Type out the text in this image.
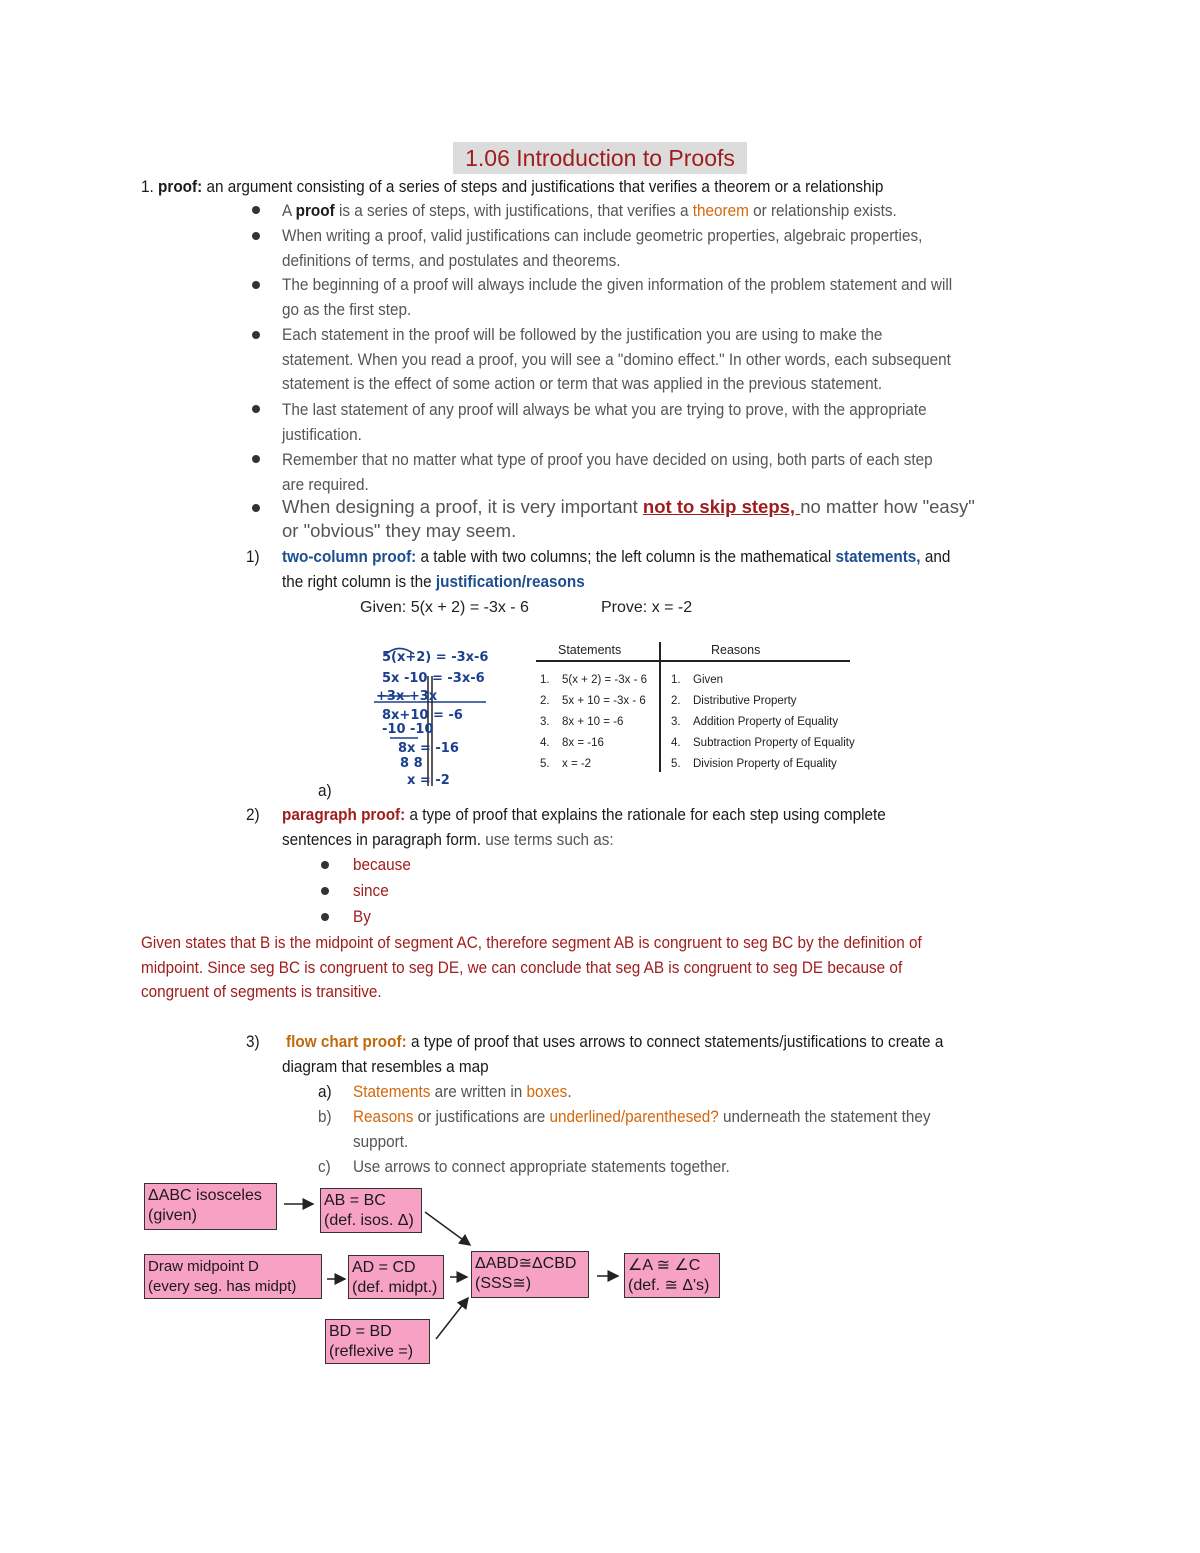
1.06 Introduction to Proofs
1. proof: an argument consisting of a series of steps and justifications that verifies a theorem or a relationship
A proof is a series of steps, with justifications, that verifies a theorem or relationship exists.
When writing a proof, valid justifications can include geometric properties, algebraic properties,
definitions of terms, and postulates and theorems.
The beginning of a proof will always include the given information of the problem statement and will
go as the first step.
Each statement in the proof will be followed by the justification you are using to make the
statement. When you read a proof, you will see a "domino effect." In other words, each subsequent
statement is the effect of some action or term that was applied in the previous statement.
The last statement of any proof will always be what you are trying to prove, with the appropriate
justification.
Remember that no matter what type of proof you have decided on using, both parts of each step
are required.
When designing a proof, it is very important not to skip steps, no matter how "easy"
or "obvious" they may seem.
1) two-column proof: a table with two columns; the left column is the mathematical statements, and
the right column is the justification/reasons
Given: 5(x + 2) = -3x - 6	Prove: x = -2
5(x+2) = -3x-6
5x -10 = -3x-6
+3x +3x
8x+10 = -6
-10 -10
8x = -16
8 8
x = -2
Statements	Reasons
1. 5(x + 2) = -3x - 6 1. Given
2. 5x + 10 = -3x - 6 2. Distributive Property
3. 8x + 10 = -6	3. Addition Property of Equality
4. 8x = -16	4. Subtraction Property of Equality
5. x = -2	5. Division Property of Equality
a)
2) paragraph proof: a type of proof that explains the rationale for each step using complete
sentences in paragraph form. use terms such as:
because
since
By
Given states that B is the midpoint of segment AC, therefore segment AB is congruent to seg BC by the definition of
midpoint. Since seg BC is congruent to seg DE, we can conclude that seg AB is congruent to seg DE because of
congruent of segments is transitive.
3) flow chart proof: a type of proof that uses arrows to connect statements/justifications to create a
diagram that resembles a map
a) Statements are written in boxes.
b) Reasons or justifications are underlined/parenthesed? underneath the statement they
support.
c) Use arrows to connect appropriate statements together.
ΔABC isosceles
(given)
AB = BC
(def. isos. Δ)
Draw midpoint D
(every seg. has midpt)
AD = CD
(def. midpt.)
ΔABD≅ΔCBD
(SSS≅)
∠A ≅ ∠C
(def. ≅ Δ's)
BD = BD
(reflexive =)
